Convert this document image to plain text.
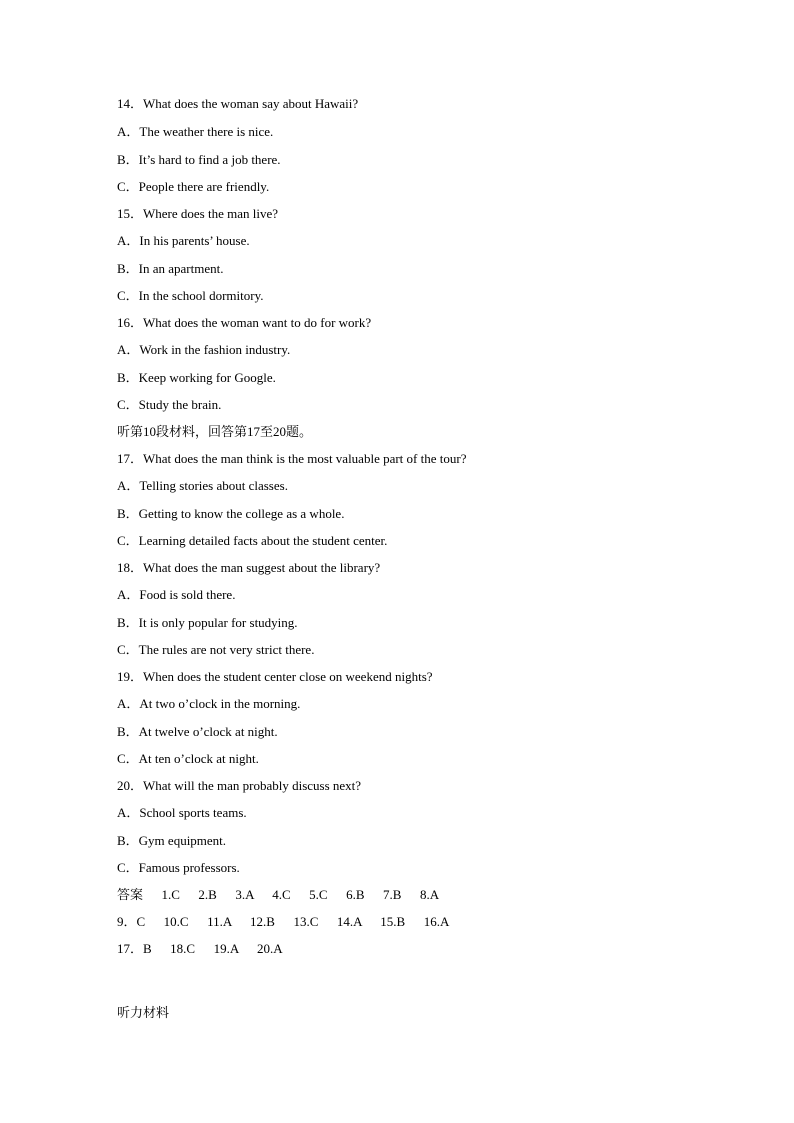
14．What does the woman say about Hawaii?
A．The weather there is nice.
B．It’s hard to find a job there.
C．People there are friendly.
15．Where does the man live?
A．In his parents’ house.
B．In an apartment.
C．In the school dormitory.
16．What does the woman want to do for work?
A．Work in the fashion industry.
B．Keep working for Google.
C．Study the brain.
听第10段材料，回答第17至20题。
17．What does the man think is the most valuable part of the tour?
A．Telling stories about classes.
B．Getting to know the college as a whole.
C．Learning detailed facts about the student center.
18．What does the man suggest about the library?
A．Food is sold there.
B．It is only popular for studying.
C．The rules are not very strict there.
19．When does the student center close on weekend nights?
A．At two o’clock in the morning.
B．At twelve o’clock at night.
C．At ten o’clock at night.
20．What will the man probably discuss next?
A．School sports teams.
B．Gym equipment.
C．Famous professors.
答案  1.C  2.B  3.A  4.C  5.C  6.B  7.B  8.A
9．C  10.C  11.A  12.B  13.C  14.A  15.B  16.A
17．B  18.C  19.A  20.A
听力材料
